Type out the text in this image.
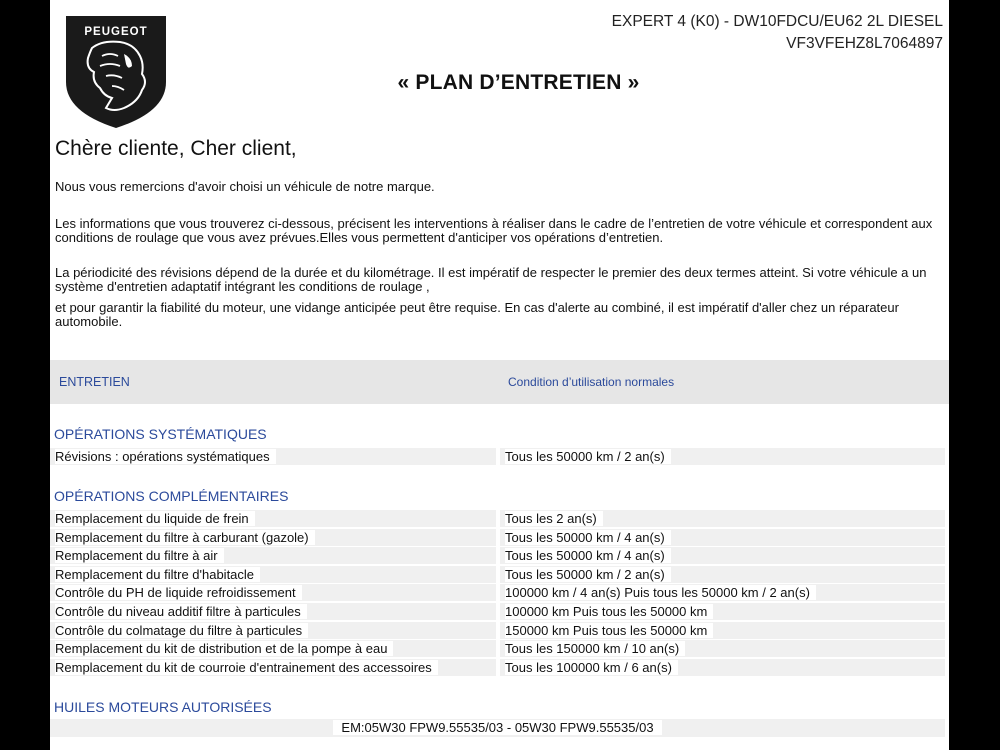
PEUGEOT
EXPERT 4 (K0) - DW10FDCU/EU62 2L DIESEL
VF3VFEHZ8L7064897
« PLAN D’ENTRETIEN »
Chère cliente, Cher client,

Nous vous remercions d'avoir choisi un véhicule de notre marque.

Les informations que vous trouverez ci-dessous, précisent les interventions à réaliser dans le cadre de l’entretien de votre véhicule et correspondent aux conditions de roulage que vous avez prévues.Elles vous permettent d'anticiper vos opérations d’entretien.

La périodicité des révisions dépend de la durée et du kilométrage. Il est impératif de respecter le premier des deux termes atteint. Si votre véhicule a un système d'entretien adaptatif intégrant les conditions de roulage ,

et pour garantir la fiabilité du moteur, une vidange anticipée peut être requise. En cas d'alerte au combiné, il est impératif d'aller chez un réparateur automobile.

ENTRETIEN	Condition d’utilisation normales
OPÉRATIONS SYSTÉMATIQUES
Révisions : opérations systématiques	Tous les 50000 km / 2 an(s)
OPÉRATIONS COMPLÉMENTAIRES
Remplacement du liquide de frein	Tous les 2 an(s)
Remplacement du filtre à carburant (gazole)	Tous les 50000 km / 4 an(s)
Remplacement du filtre à air	Tous les 50000 km / 4 an(s)
Remplacement du filtre d'habitacle	Tous les 50000 km / 2 an(s)
Contrôle du PH de liquide refroidissement	100000 km / 4 an(s) Puis tous les 50000 km / 2 an(s)
Contrôle du niveau additif filtre à particules	100000 km Puis tous les 50000 km
Contrôle du colmatage du filtre à particules	150000 km Puis tous les 50000 km
Remplacement du kit de distribution et de la pompe à eau	Tous les 150000 km / 10 an(s)
Remplacement du kit de courroie d'entrainement des accessoires	Tous les 100000 km / 6 an(s)
HUILES MOTEURS AUTORISÉES
EM:05W30 FPW9.55535/03 - 05W30 FPW9.55535/03
